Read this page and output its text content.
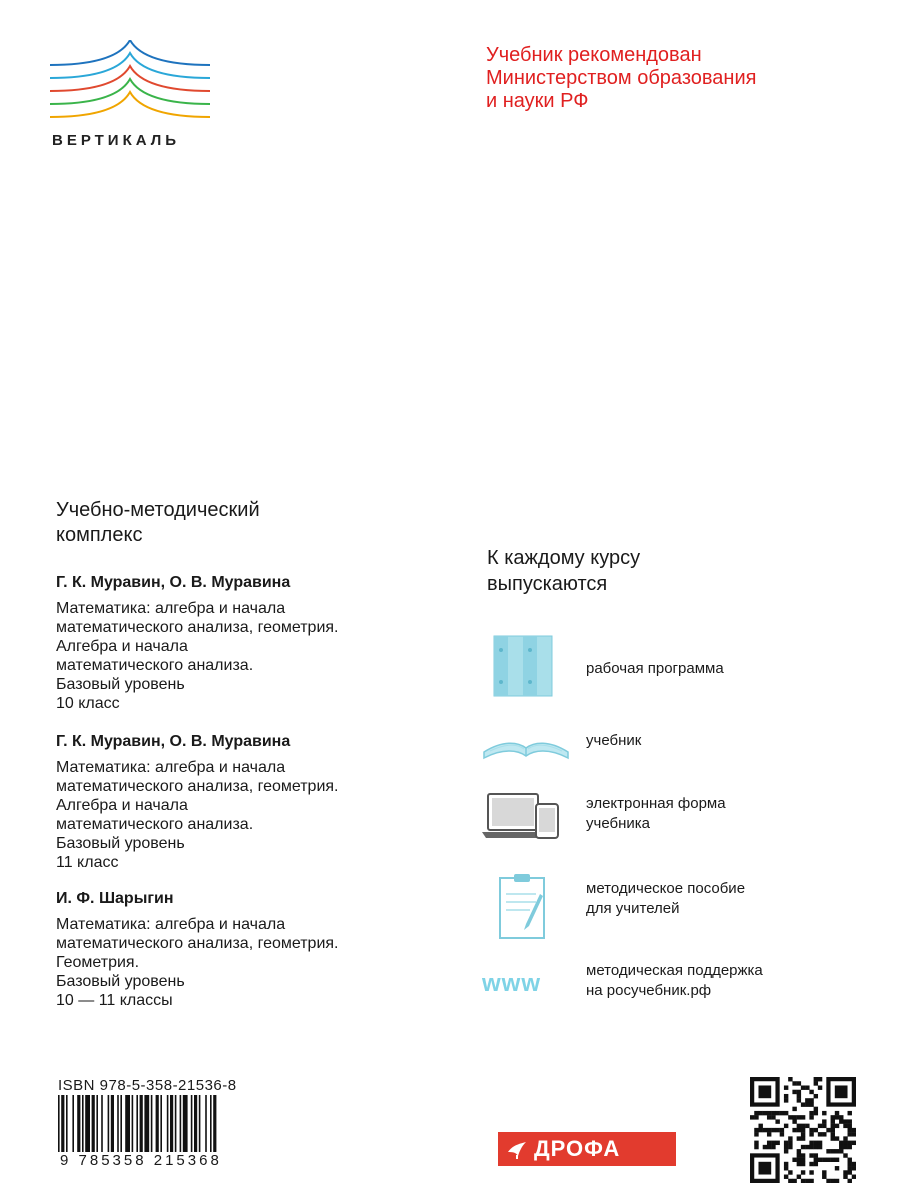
ВЕРТИКАЛЬ
Учебник рекомендован
Министерством образования
и науки РФ
Учебно-методический
комплекс
Г. К. Муравин, О. В. Муравина
Математика: алгебра и начала
математического анализа, геометрия.
Алгебра и начала
математического анализа.
Базовый уровень
10 класс
Г. К. Муравин, О. В. Муравина
Математика: алгебра и начала
математического анализа, геометрия.
Алгебра и начала
математического анализа.
Базовый уровень
11 класс
И. Ф. Шарыгин
Математика: алгебра и начала
математического анализа, геометрия.
Геометрия.
Базовый уровень
10 — 11 классы
К каждому курсу
выпускаются
рабочая программа
учебник
электронная форма
учебника
методическое пособие
для учителей
www	методическая поддержка
на росучебник.рф
ISBN 978-5-358-21536-8
9 785358 215368	ДРОФА
